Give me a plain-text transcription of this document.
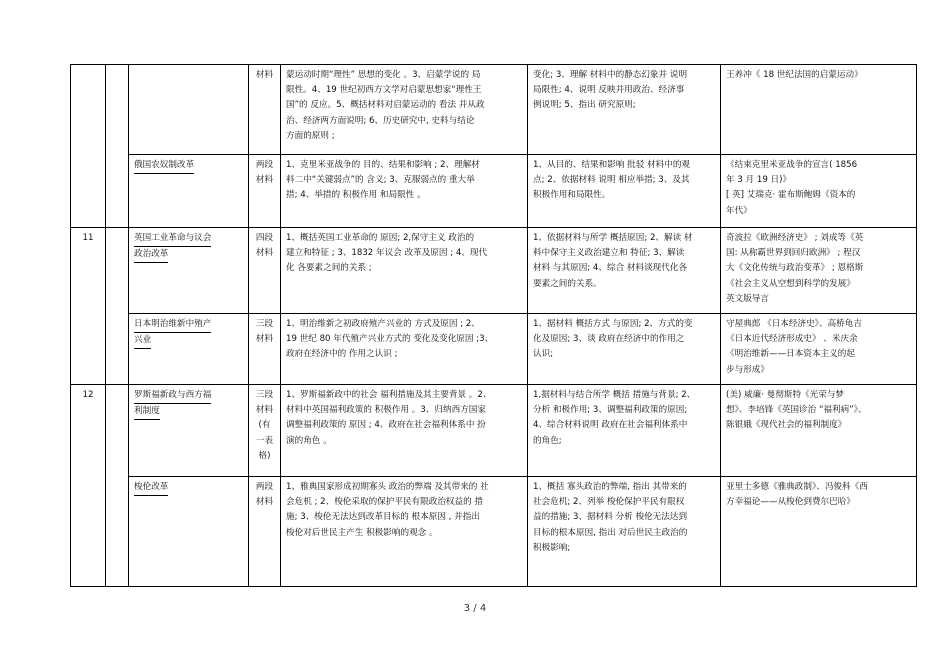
			材料	蒙运动时期“理性” 思想的变化 。3、启蒙学说的 局
限性。4、19 世纪初西方文学对启蒙思想家“理性王
国”的 反应。5、概括材料对启蒙运动的 看法 并从政
治、经济两方面说明; 6、历史研究中, 史料与结论
方面的原则 ;	变化; 3、理解 材料中的静态幻象并 说明
局限性; 4、说明 反映并用政治、经济事
例说明; 5、指出 研究原则;	王养冲《 18 世纪法国的启蒙运动》

		俄国农奴制改革	两段
材料	1、克里米亚战争的 目的、结果和影响 ; 2、理解材
料二中“关键弱点”的 含义; 3、克服弱点的 重大举
措; 4、举措的 积极作用 和局限性 。	1、从目的、结果和影响 批驳 材料中的观
点; 2、依据材料 说明 相应举措; 3、及其
积极作用和局限性。	《结束克里米亚战争的宣言( 1856
年 3 月 19 日)》
[ 英] 艾瑞克· 霍布斯鲍姆《资本的
年代》

11		英国工业革命与议会
政治改革	四段
材料	1、概括英国工业革命的 原因; 2,保守主义 政治的
建立和特征 ; 3、1832 年议会 改革及原因 ; 4、现代
化 各要素之间的关系 ;	1、依据材料与所学 概括原因; 2、解读 材
料中保守主义政治建立和 特征; 3、解读
材料 与其原因; 4、综合 材料谈现代化各
要素之间的关系。	奇波拉《欧洲经济史》 ; 刘成等《英
国: 从称霸世界到回归欧洲》 ; 程汉
大《文化传统与政治变革》 ; 恩格斯
《社会主义从空想到科学的发展》
英文版导言

		日本明治维新中殖产
兴业	三段
材料	1、明治维新之初政府殖产兴业的 方式及原因 ; 2、
19 世纪 80 年代殖产兴业方式的 变化及变化原因 ;3、
政府在经济中的 作用之认识 ;	1、据材料 概括方式 与原因; 2、方式的变
化及原因; 3、谈 政府在经济中的作用之
认识;	守屋典郎 《日本经济史》、高桥龟吉
《日本近代经济形成史》 、米庆余
《明治维新——日本资本主义的起
步与形成》

12		罗斯福新政与西方福
利制度	三段
材料
(有
一表
格)	1、罗斯福新政中的社会 福利措施及其主要背景 。2、
材料中英国福利政策的 积极作用 。3、归纳西方国家
调整福利政策的 原因 ; 4、政府在社会福利体系中 扮
演的角色 。	1,据材料与结合所学 概括 措施与背景; 2、
分析 和极作用; 3、调整福利政策的原因;
4、综合材料说明 政府在社会福利体系中
的角色;	(美) 威廉· 曼彻斯特《光荣与梦
想》、李培锋《英国诊治 “福利病”》、
陈银娥《现代社会的福利制度》

		梭伦改革	两段
材料	1、雅典国家形成初期寡头 政治的弊端 及其带来的 社
会危机 ; 2、梭伦采取的保护平民有限政治权益的 措
施; 3、梭伦无法达到改革目标的 根本原因 , 并指出
梭伦对后世民主产生 积极影响的观念 。	1、概括 寡头政治的弊端, 指出 其带来的
社会危机; 2、列举 梭伦保护平民有限权
益的措施; 3、据材料 分析 梭伦无法达到
目标的根本原因, 指出 对后世民主政治的
积极影响;	亚里士多德《雅典政制》、冯俊科《西
方幸福论——从梭伦到费尔巴哈》
3 / 4
